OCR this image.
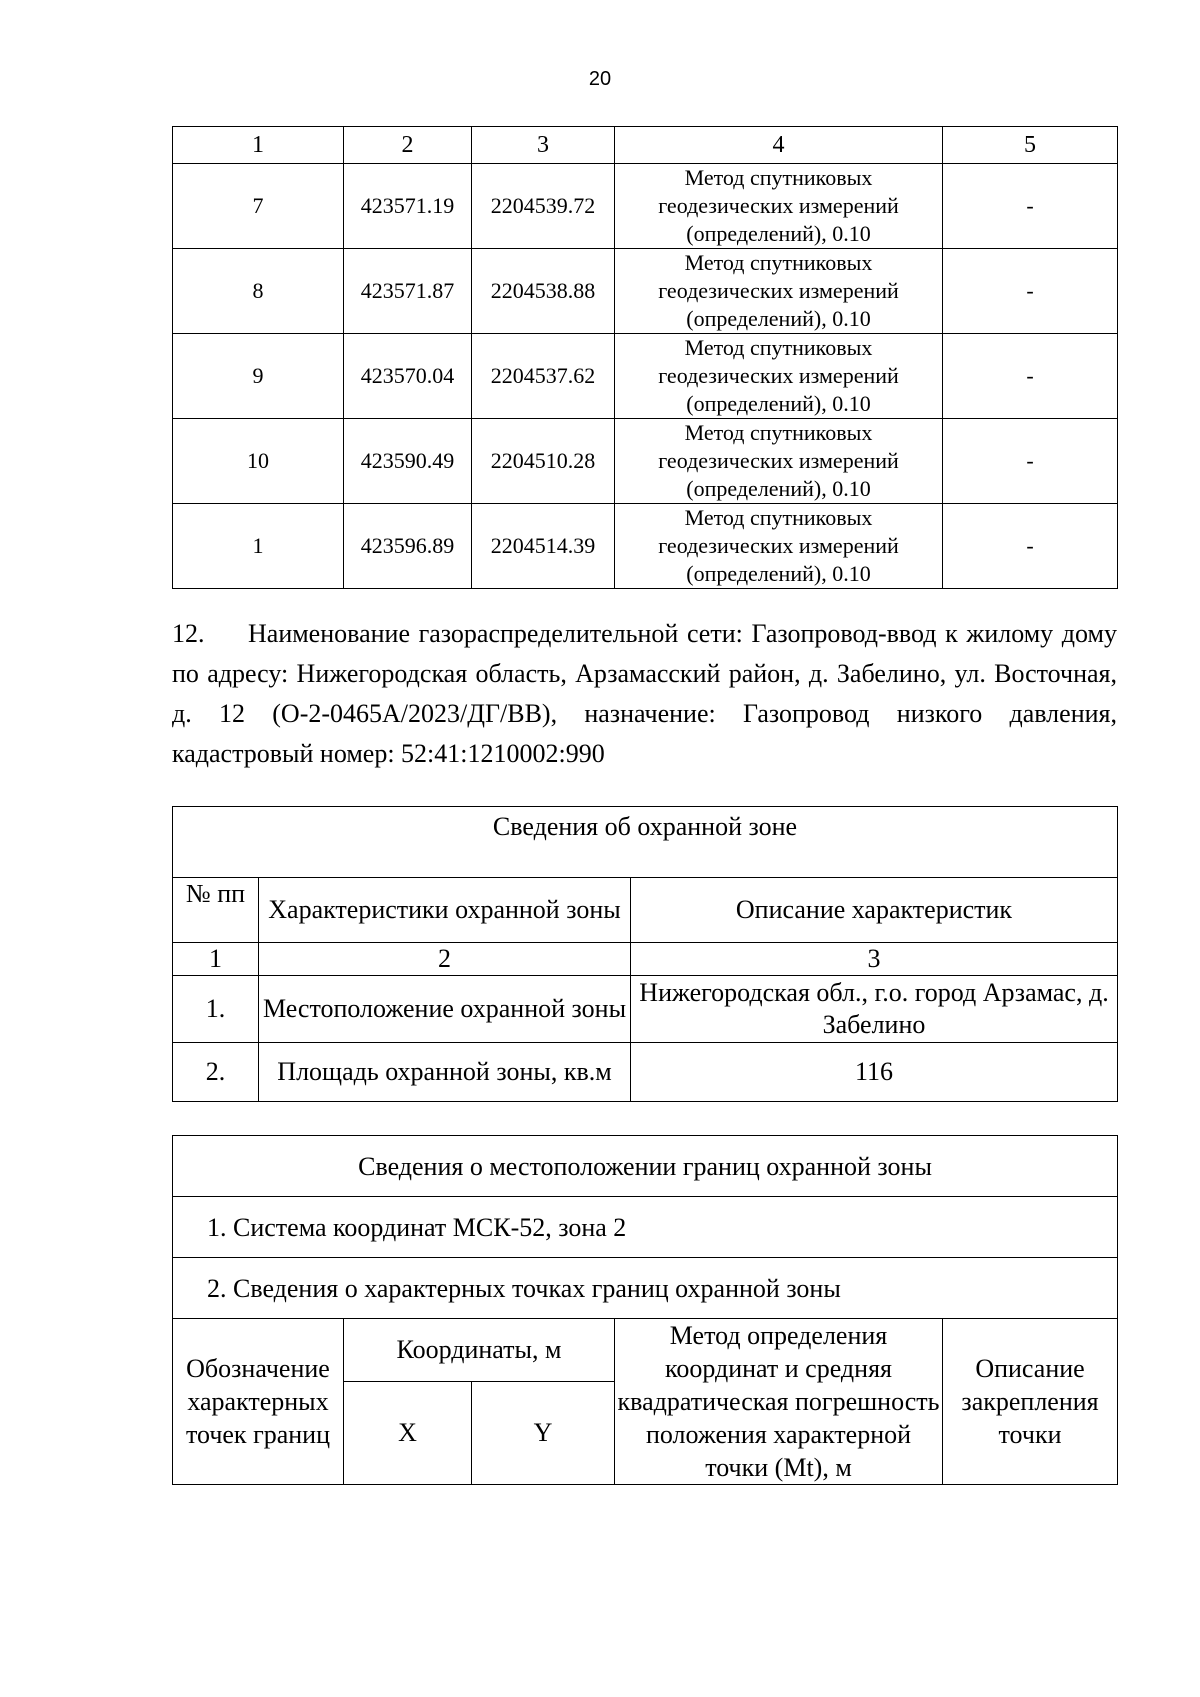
20
1	2	3	4	5
7	423571.19	2204539.72	Метод спутниковых
геодезических измерений
(определений), 0.10	-
8	423571.87	2204538.88	Метод спутниковых
геодезических измерений
(определений), 0.10	-
9	423570.04	2204537.62	Метод спутниковых
геодезических измерений
(определений), 0.10	-
10	423590.49	2204510.28	Метод спутниковых
геодезических измерений
(определений), 0.10	-
1	423596.89	2204514.39	Метод спутниковых
геодезических измерений
(определений), 0.10	-
12. Наименование газораспределительной сети: Газопровод-ввод к жилому дому по адресу: Нижегородская область, Арзамасский район, д. Забелино, ул. Восточная, д. 12 (О-2-0465А/2023/ДГ/ВВ), назначение: Газопровод низкого давления, кадастровый номер: 52:41:1210002:990
Сведения об охранной зоне		
№ пп	Характеристики охранной зоны	Описание характеристик
1	2	3
1.	Местоположение охранной зоны	Нижегородская обл., г.о. город Арзамас, д. Забелино
2.	Площадь охранной зоны, кв.м	116
Сведения о местоположении границ охранной зоны				
1. Система координат МСК-52, зона 2				
2. Сведения о характерных точках границ охранной зоны				
Обозначение характерных точек границ	Координаты, м		Метод определения координат и средняя квадратическая погрешность положения характерной точки (Mt), м	Описание закрепления точки
	X	Y		
